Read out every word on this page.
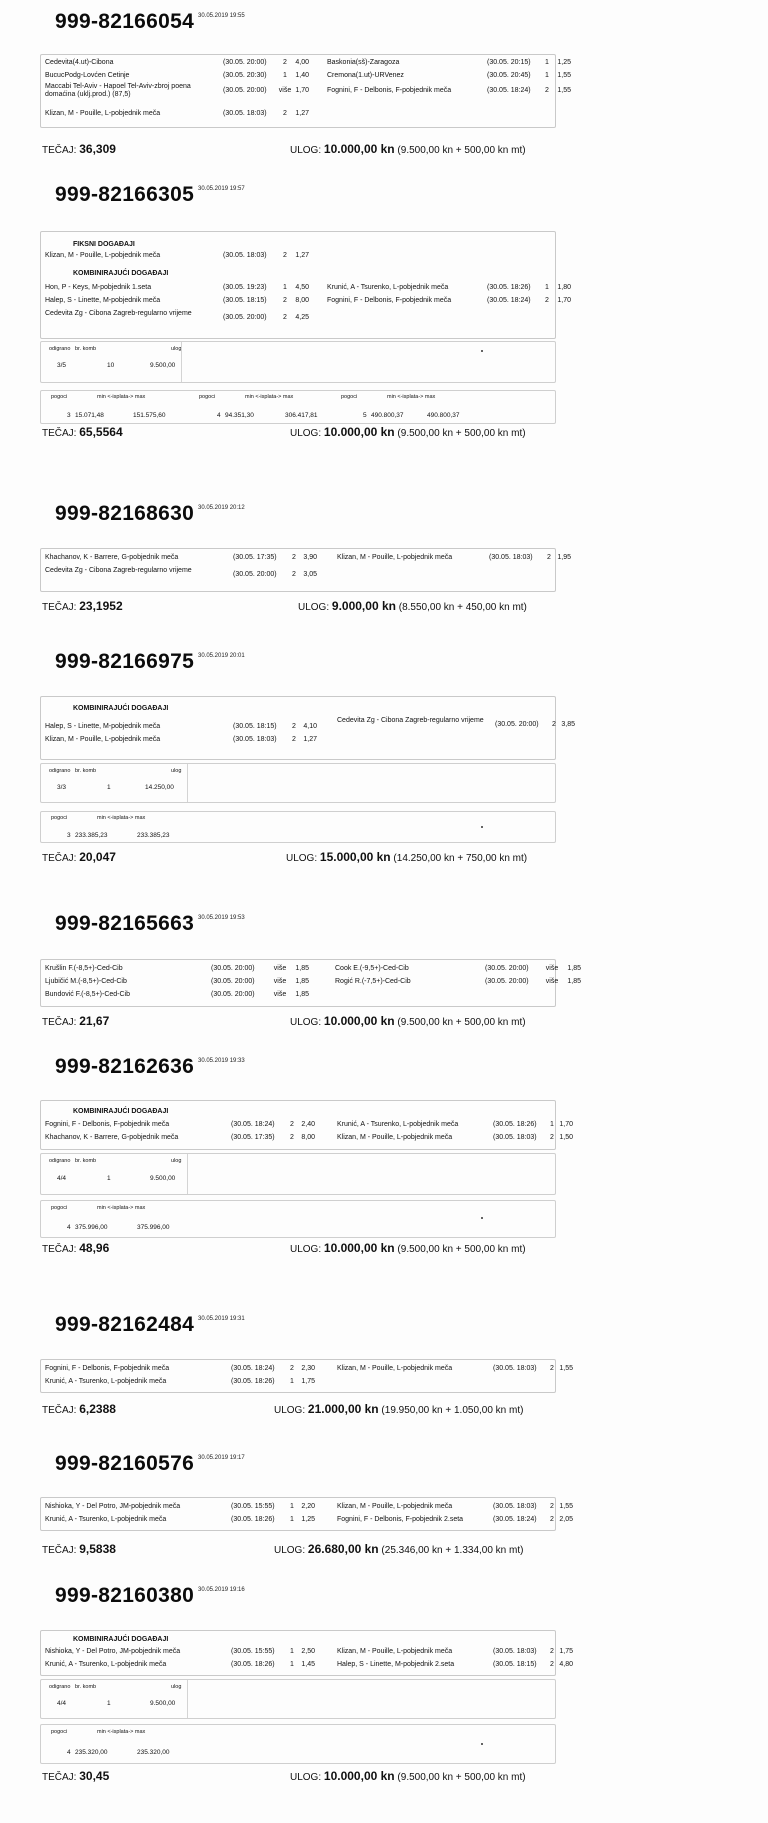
999-82166054 30.05.2019 19:55
Cedevita(4.ut)-Cibona	(30.05. 20:00)	2	4,00
BucucPodg-Lovćen Cetinje	(30.05. 20:30)	1	1,40
Maccabi Tel-Aviv - Hapoel Tel-Aviv-zbroj poena domaćina (uklj.prod.) (87,5)
(30.05. 20:00) više 1,70
Klizan, M - Pouille, L-pobjednik meča	(30.05. 18:03)	2	1,27
Baskonia(sš)-Zaragoza	(30.05. 20:15)	1	1,25
Cremona(1.ut)-URVenez	(30.05. 20:45)	1	1,55
Fognini, F - Delbonis, F-pobjednik meča	(30.05. 18:24)	2	1,55
TEČAJ: 36,309	ULOG: 10.000,00 kn (9.500,00 kn + 500,00 kn mt)
999-82166305 30.05.2019 19:57
FIKSNI DOGAĐAJI
Klizan, M - Pouille, L-pobjednik meča	(30.05. 18:03)	2	1,27
KOMBINIRAJUĆI DOGAĐAJI
Hon, P - Keys, M-pobjednik 1.seta	(30.05. 19:23)	1	4,50
Halep, S - Linette, M-pobjednik meča	(30.05. 18:15)	2	8,00
Cedevita Zg - Cibona Zagreb-regularno vrijeme
(30.05. 20:00)	2	4,25
Krunić, A - Tsurenko, L-pobjednik meča	(30.05. 18:26)	1	1,80
Fognini, F - Delbonis, F-pobjednik meča	(30.05. 18:24)	2	1,70
odigrano br. komb	ulog
3/5	10	9.500,00
pogoci	min <-isplata-> max	pogoci	min <-isplata-> max	pogoci	min <-isplata-> max
3 15.071,48	151.575,60	4 94.351,30	306.417,81	5 490.800,37	490.800,37
TEČAJ: 65,5564	ULOG: 10.000,00 kn (9.500,00 kn + 500,00 kn mt)
999-82168630 30.05.2019 20:12
Khachanov, K - Barrere, G-pobjednik meča	(30.05. 17:35)	2	3,90
Cedevita Zg - Cibona Zagreb-regularno vrijeme
(30.05. 20:00)	2	3,05
Klizan, M - Pouille, L-pobjednik meča	(30.05. 18:03)	2 1,95
TEČAJ: 23,1952	ULOG: 9.000,00 kn (8.550,00 kn + 450,00 kn mt)
999-82166975 30.05.2019 20:01
KOMBINIRAJUĆI DOGAĐAJI
Halep, S - Linette, M-pobjednik meča	(30.05. 18:15)	2	4,10
Klizan, M - Pouille, L-pobjednik meča	(30.05. 18:03)	2	1,27
Cedevita Zg - Cibona Zagreb-regularno vrijeme
(30.05. 20:00)	2 3,85
odigrano br. komb	ulog
3/3	1	14.250,00
pogoci	min <-isplata-> max
3 233.385,23	233.385,23
TEČAJ: 20,047	ULOG: 15.000,00 kn (14.250,00 kn + 750,00 kn mt)
999-82165663 30.05.2019 19:53
Krušlin F.(-8,5+)-Ced-Cib	(30.05. 20:00)	više	1,85
Ljubičić M.(-8,5+)-Ced-Cib	(30.05. 20:00)	više	1,85
Bundović F.(-8,5+)-Ced-Cib	(30.05. 20:00)	više	1,85
Cook E.(-9,5+)-Ced-Cib	(30.05. 20:00) više	1,85
Rogić R.(-7,5+)-Ced-Cib	(30.05. 20:00) više	1,85
TEČAJ: 21,67	ULOG: 10.000,00 kn (9.500,00 kn + 500,00 kn mt)
999-82162636 30.05.2019 19:33
KOMBINIRAJUĆI DOGAĐAJI
Fognini, F - Delbonis, F-pobjednik meča	(30.05. 18:24)	2	2,40
Khachanov, K - Barrere, G-pobjednik meča	(30.05. 17:35)	2	8,00
Krunić, A - Tsurenko, L-pobjednik meča	(30.05. 18:26)	1 1,70
Klizan, M - Pouille, L-pobjednik meča	(30.05. 18:03)	2 1,50
odigrano br. komb	ulog
4/4	1	9.500,00
pogoci	min <-isplata-> max
4 375.996,00	375.996,00
TEČAJ: 48,96	ULOG: 10.000,00 kn (9.500,00 kn + 500,00 kn mt)
999-82162484 30.05.2019 19:31
Fognini, F - Delbonis, F-pobjednik meča	(30.05. 18:24)	2	2,30
Krunić, A - Tsurenko, L-pobjednik meča	(30.05. 18:26)	1	1,75
Klizan, M - Pouille, L-pobjednik meča	(30.05. 18:03)	2 1,55
TEČAJ: 6,2388	ULOG: 21.000,00 kn (19.950,00 kn + 1.050,00 kn mt)
999-82160576 30.05.2019 19:17
Nishioka, Y - Del Potro, JM-pobjednik meča	(30.05. 15:55)	1	2,20
Krunić, A - Tsurenko, L-pobjednik meča	(30.05. 18:26)	1	1,25
Klizan, M - Pouille, L-pobjednik meča	(30.05. 18:03)	2 1,55
Fognini, F - Delbonis, F-pobjednik 2.seta	(30.05. 18:24)	2 2,05
TEČAJ: 9,5838	ULOG: 26.680,00 kn (25.346,00 kn + 1.334,00 kn mt)
999-82160380 30.05.2019 19:16
KOMBINIRAJUĆI DOGAĐAJI
Nishioka, Y - Del Potro, JM-pobjednik meča	(30.05. 15:55)	1	2,50
Krunić, A - Tsurenko, L-pobjednik meča	(30.05. 18:26)	1	1,45
Klizan, M - Pouille, L-pobjednik meča	(30.05. 18:03)	2 1,75
Halep, S - Linette, M-pobjednik 2.seta	(30.05. 18:15)	2 4,80
odigrano br. komb	ulog
4/4	1	9.500,00
pogoci	min <-isplata-> max
4 235.320,00	235.320,00
TEČAJ: 30,45	ULOG: 10.000,00 kn (9.500,00 kn + 500,00 kn mt)
